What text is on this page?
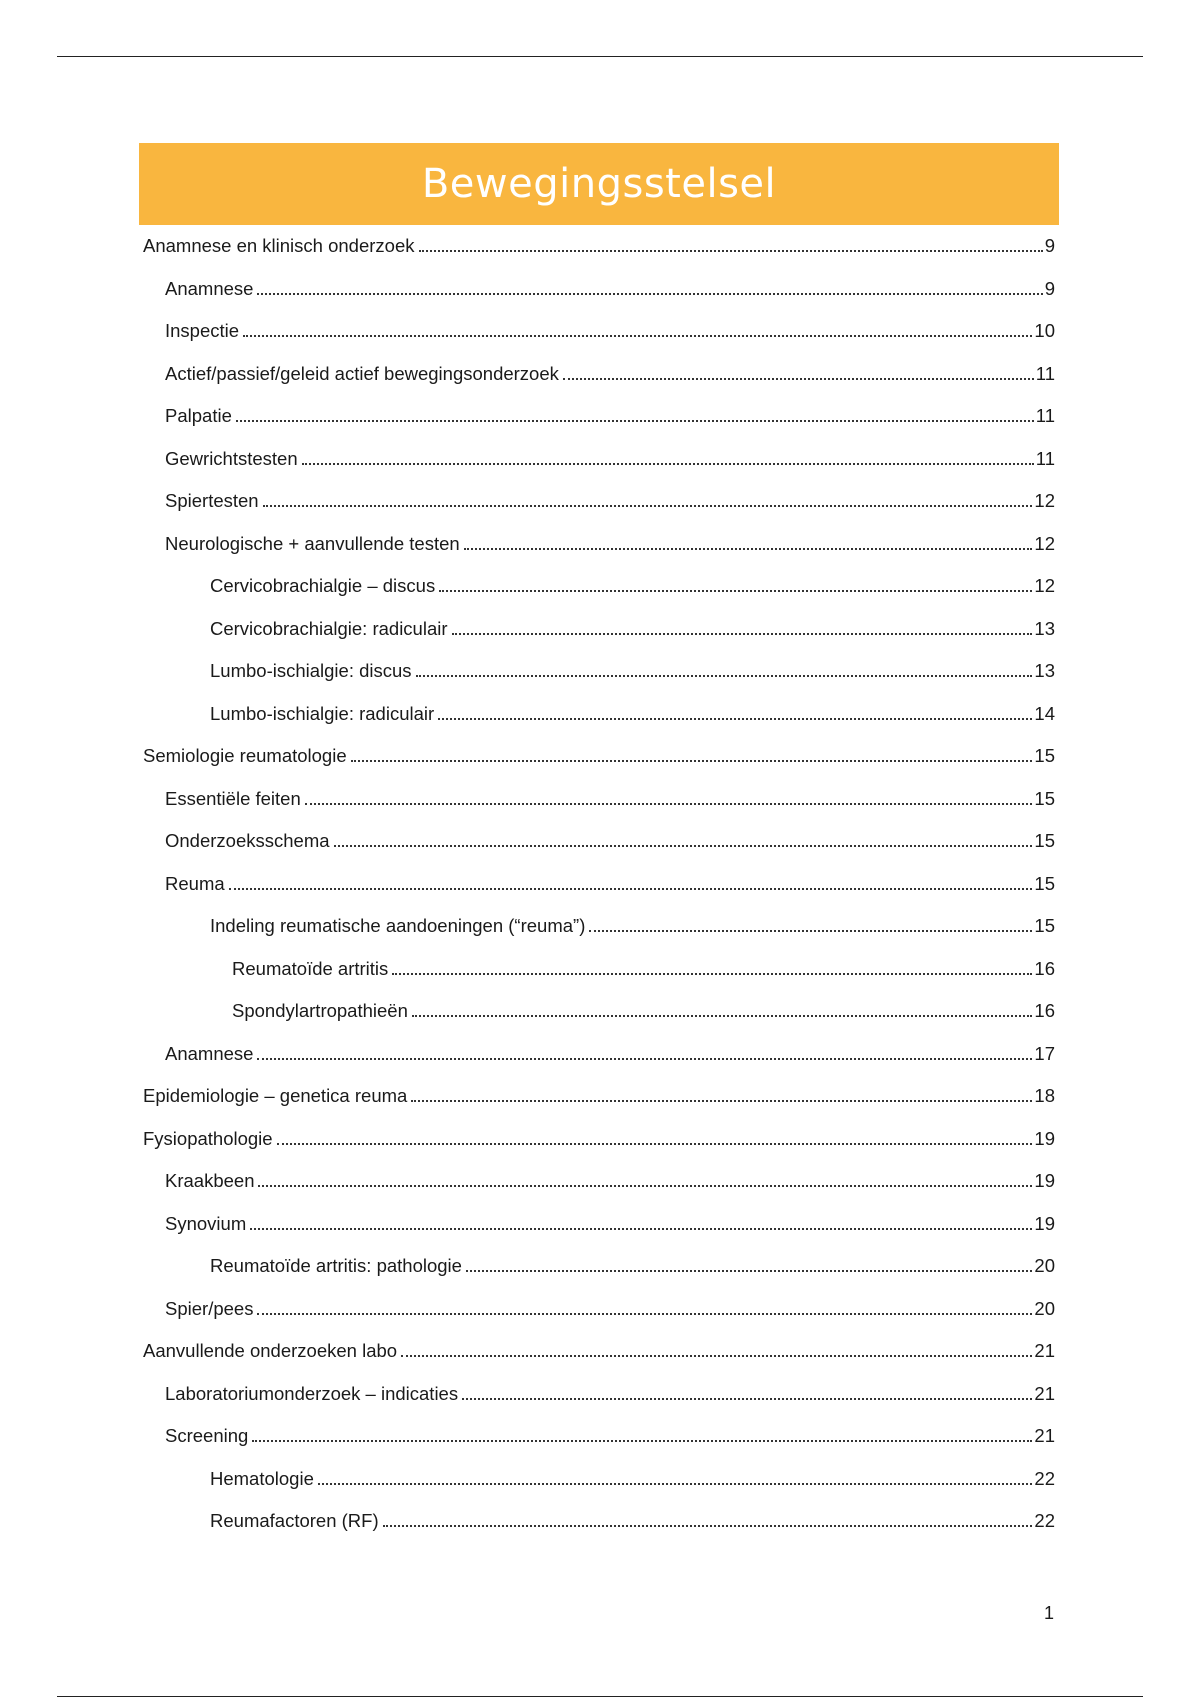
Bewegingsstelsel
Anamnese en klinisch onderzoek	9
Anamnese	9
Inspectie	10
Actief/passief/geleid actief bewegingsonderzoek	11
Palpatie	11
Gewrichtstesten	11
Spiertesten	12
Neurologische + aanvullende testen	12
Cervicobrachialgie – discus	12
Cervicobrachialgie: radiculair	13
Lumbo-ischialgie: discus	13
Lumbo-ischialgie: radiculair	14
Semiologie reumatologie	15
Essentiële feiten	15
Onderzoeksschema	15
Reuma	15
Indeling reumatische aandoeningen (“reuma”)	15
Reumatoïde artritis	16
Spondylartropathieën	16
Anamnese	17
Epidemiologie – genetica reuma	18
Fysiopathologie	19
Kraakbeen	19
Synovium	19
Reumatoïde artritis: pathologie	20
Spier/pees	20
Aanvullende onderzoeken labo	21
Laboratoriumonderzoek – indicaties	21
Screening	21
Hematologie	22
Reumafactoren (RF)	22
1
